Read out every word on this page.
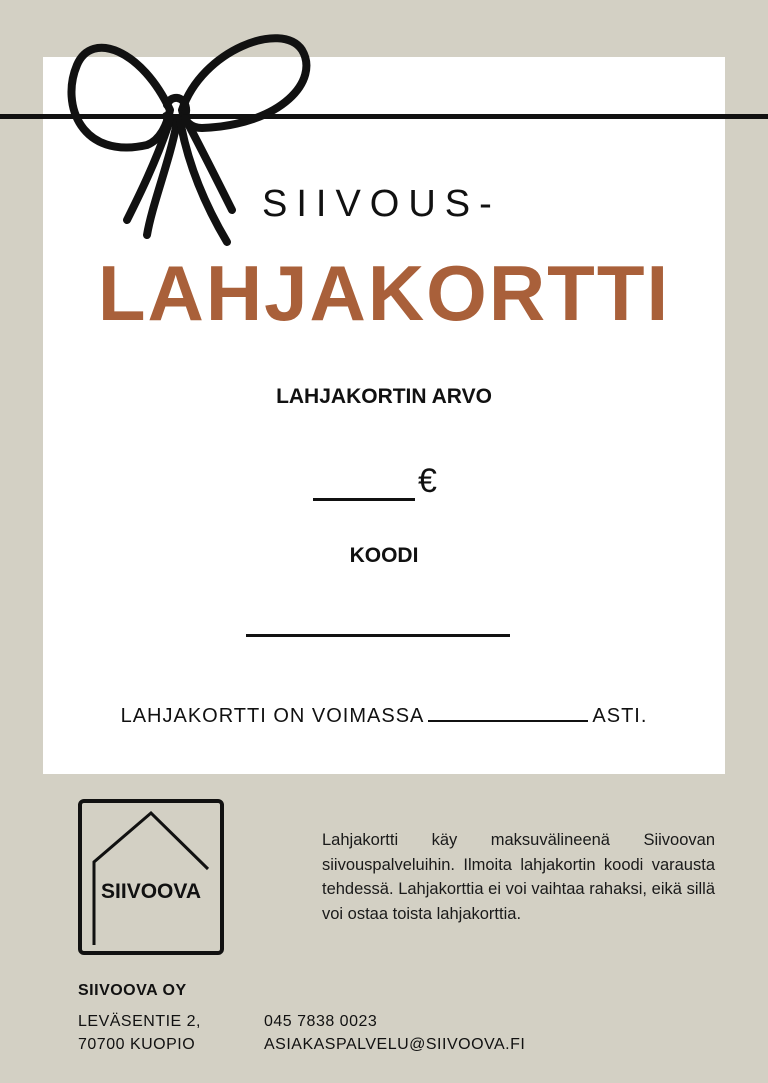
SIIVOUS-
LAHJAKORTTI
LAHJAKORTIN ARVO
€
KOODI
LAHJAKORTTI ON VOIMASSA	ASTI.
SIIVOOVA
Lahjakortti käy maksuvälineenä Siivoovan siivouspalveluihin. Ilmoita lahjakortin koodi varausta tehdessä. Lahjakorttia ei voi vaihtaa rahaksi, eikä sillä voi ostaa toista lahjakorttia.
SIIVOOVA OY
LEVÄSENTIE 2,
70700 KUOPIO
045 7838 0023
ASIAKASPALVELU@SIIVOOVA.FI
